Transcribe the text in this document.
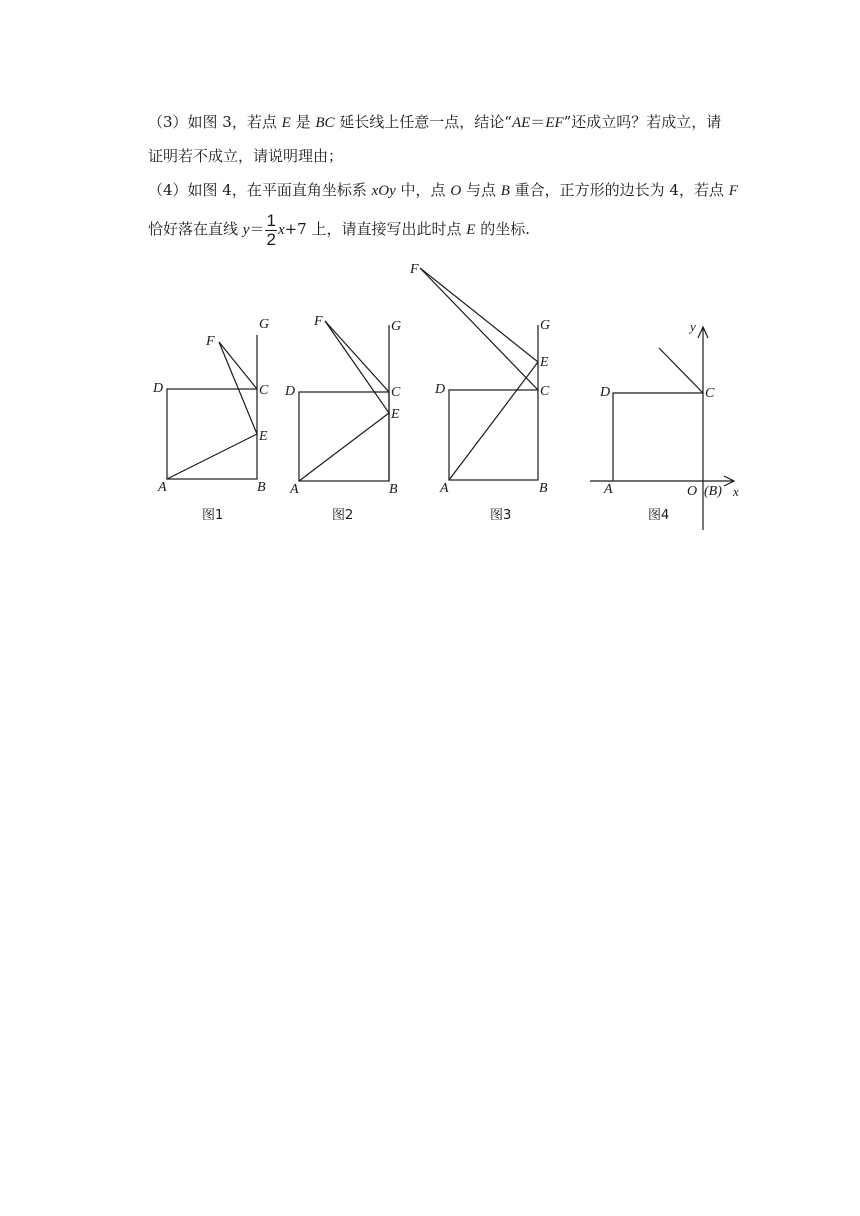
（3）如图 3，若点 E 是 BC 延长线上任意一点，结论“AE＝EF”还成立吗？若成立，请
证明若不成立，请说明理由；
（4）如图 4，在平面直角坐标系 xOy 中，点 O 与点 B 重合，正方形的边长为 4，若点 F
恰好落在直线 $y= \frac{1}{2} x+7$ 上，请直接写出此时点 E 的坐标.
A	B
C
D
E
F
G
图1
A	B
C
D
E
F	G
图2
A	B
C
D
E
F
G
图3
A
C
D
O (B) x
y
图4
